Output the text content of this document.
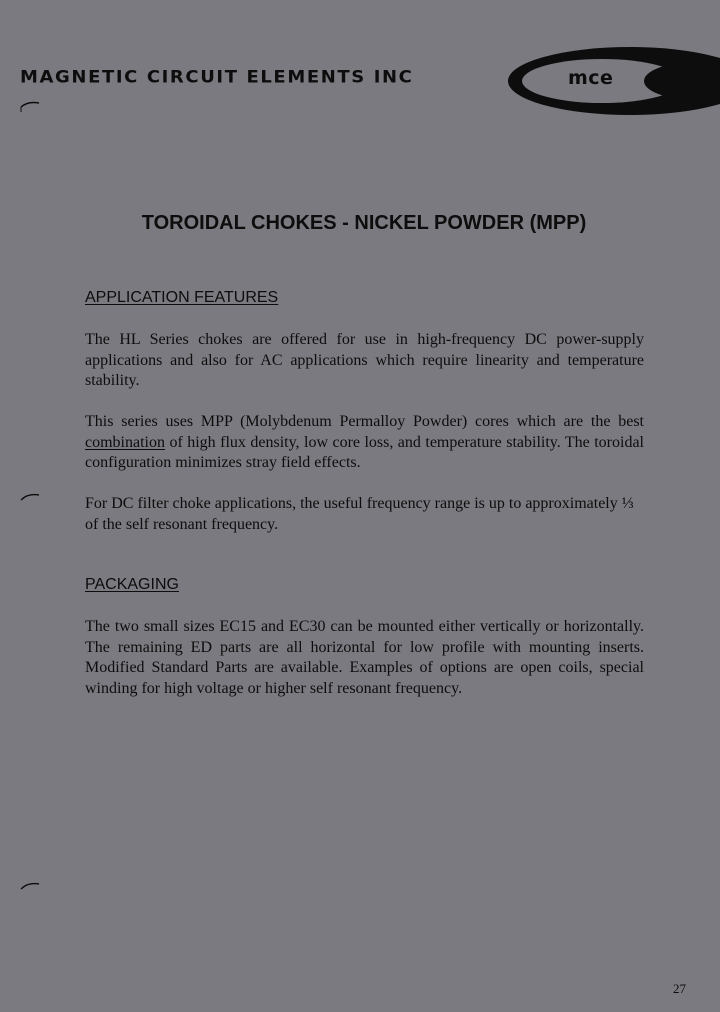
MAGNETIC CIRCUIT ELEMENTS INC	mce
TOROIDAL CHOKES - NICKEL POWDER (MPP)
APPLICATION FEATURES

The HL Series chokes are offered for use in high-frequency DC power-supply applications and also for AC applications which require linearity and temperature stability.

This series uses MPP (Molybdenum Permalloy Powder) cores which are the best combination of high flux density, low core loss, and temperature stability. The toroidal configuration minimizes stray field effects.

For DC filter choke applications, the useful frequency range is up to approximately ⅓ of the self resonant frequency.

PACKAGING

The two small sizes EC15 and EC30 can be mounted either vertically or horizontally. The remaining ED parts are all horizontal for low profile with mounting inserts. Modified Standard Parts are available. Examples of options are open coils, special winding for high voltage or higher self resonant frequency.

27
